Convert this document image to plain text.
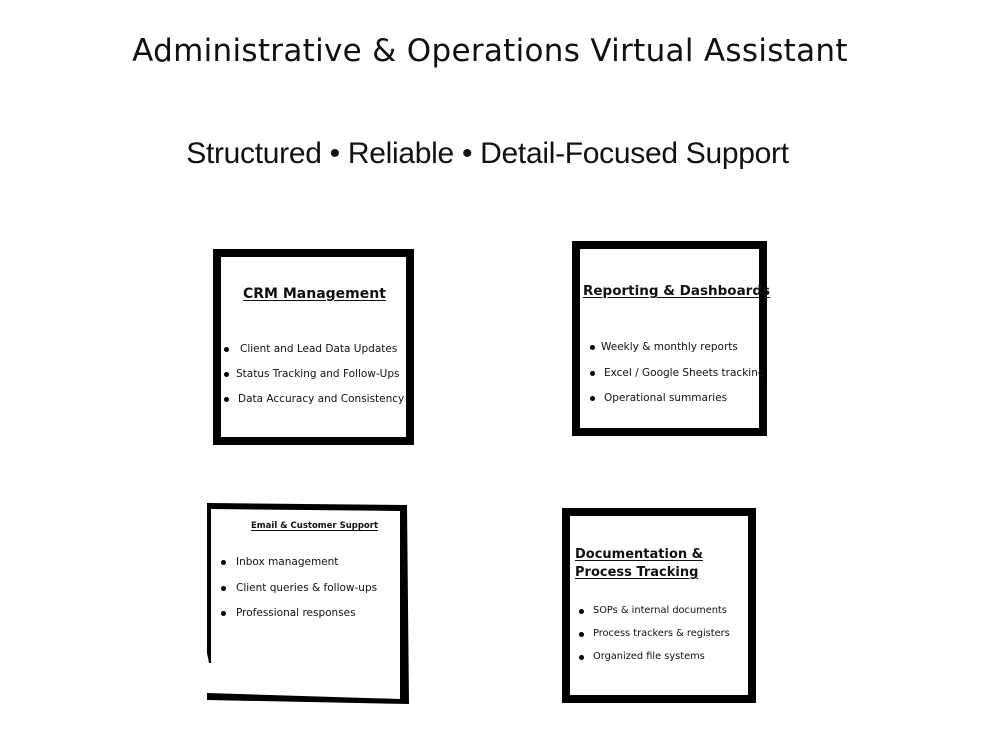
Administrative & Operations Virtual Assistant
Structured • Reliable • Detail-Focused Support
CRM Management
Client and Lead Data Updates
Status Tracking and Follow-Ups
Data Accuracy and Consistency
Reporting & Dashboards
Weekly & monthly reports
Excel / Google Sheets tracking
Operational summaries
Email & Customer Support
Inbox management
Client queries & follow-ups
Professional responses
Documentation & Process Tracking
SOPs & internal documents
Process trackers & registers
Organized file systems
